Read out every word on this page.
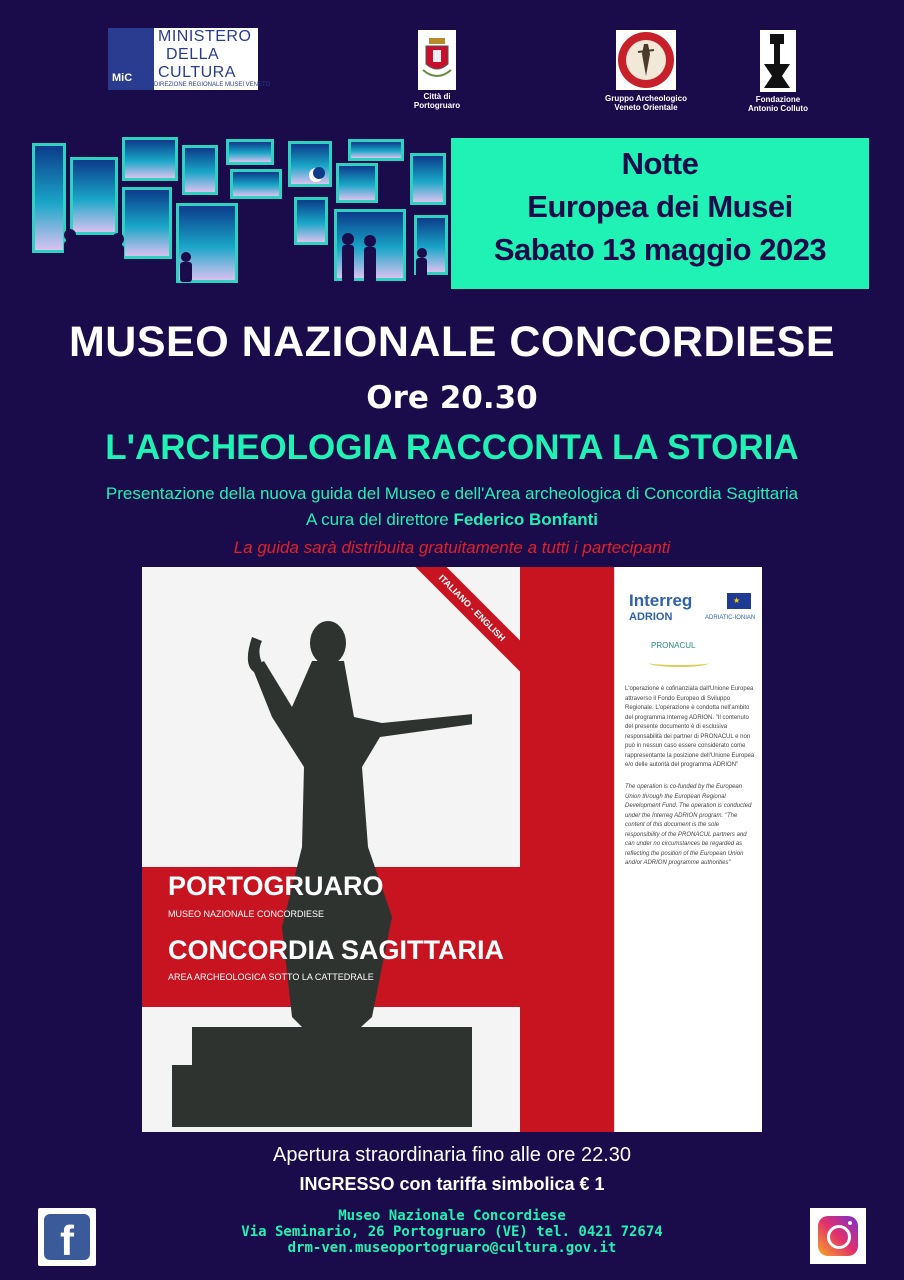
MiC
MINISTERO
DELLA
CULTURA
DIREZIONE REGIONALE MUSEI VENETO
Città di
Portogruaro
Gruppo Archeologico
Veneto Orientale
Fondazione
Antonio Colluto
Notte
Europea dei Musei
Sabato 13 maggio 2023
MUSEO NAZIONALE CONCORDIESE
Ore 20.30
L'ARCHEOLOGIA RACCONTA LA STORIA
Presentazione della nuova guida del Museo e dell'Area archeologica di Concordia Sagittaria
A cura del direttore Federico Bonfanti
La guida sarà distribuita gratuitamente a tutti i partecipanti
ITALIANO - ENGLISH
PORTOGRUARO
MUSEO NAZIONALE CONCORDIESE
CONCORDIA SAGITTARIA
AREA ARCHEOLOGICA SOTTO LA CATTEDRALE
Interreg	★
ADRION	ADRIATIC-IONIAN
PRONACUL
L'operazione è cofinanziata dall'Unione Europea attraverso il Fondo Europeo di Sviluppo Regionale. L'operazione è condotta nell'ambito del programma Interreg ADRION. "Il contenuto del presente documento è di esclusiva responsabilità dei partner di PRONACUL e non può in nessun caso essere considerato come rappresentante la posizione dell'Unione Europea e/o delle autorità del programma ADRION"
The operation is co-funded by the European Union through the European Regional Development Fund. The operation is conducted under the Interreg ADRION program. "The content of this document is the sole responsibility of the PRONACUL partners and can under no circumstances be regarded as reflecting the position of the European Union and/or ADRION programme authorities"
Apertura straordinaria fino alle ore 22.30
INGRESSO con tariffa simbolica € 1
f
Museo Nazionale Concordiese
Via Seminario, 26 Portogruaro (VE) tel. 0421 72674
drm-ven.museoportogruaro@cultura.gov.it
